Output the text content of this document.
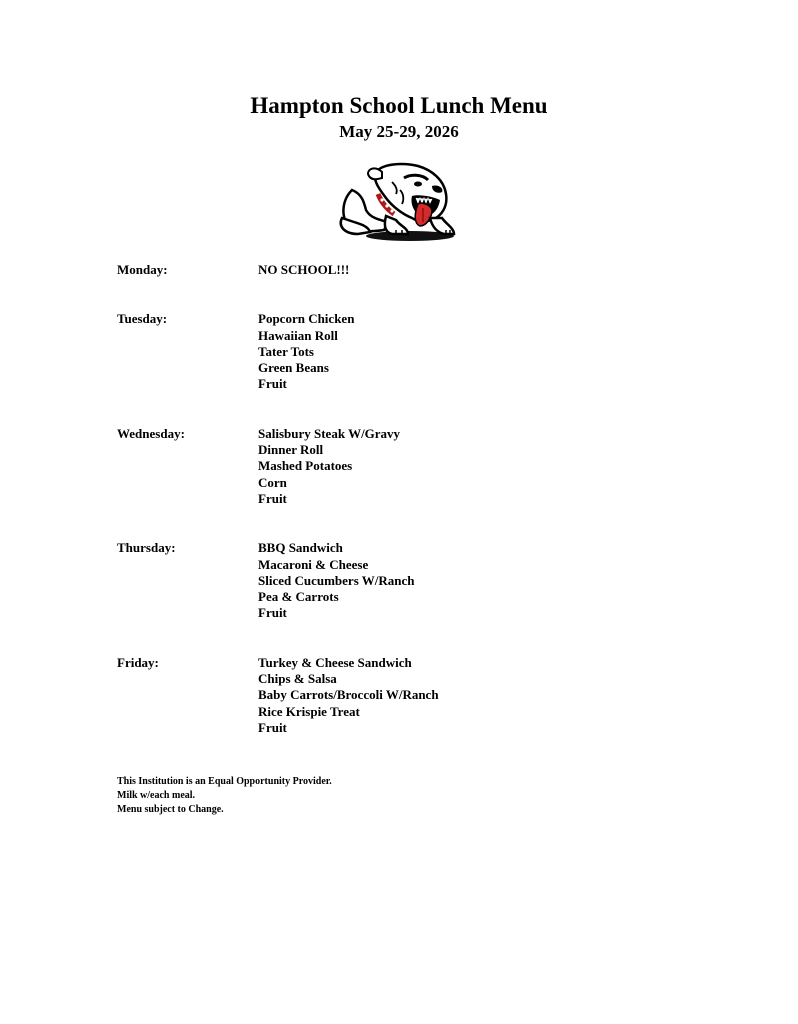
Hampton School Lunch Menu
May 25-29, 2026
Monday:	NO SCHOOL!!!
Tuesday:	Popcorn Chicken
Hawaiian Roll
Tater Tots
Green Beans
Fruit
Wednesday:	Salisbury Steak W/Gravy
Dinner Roll
Mashed Potatoes
Corn
Fruit
Thursday:	BBQ Sandwich
Macaroni & Cheese
Sliced Cucumbers W/Ranch
Pea & Carrots
Fruit
Friday:	Turkey & Cheese Sandwich
Chips & Salsa
Baby Carrots/Broccoli W/Ranch
Rice Krispie Treat
Fruit
This Institution is an Equal Opportunity Provider.
Milk w/each meal.
Menu subject to Change.
